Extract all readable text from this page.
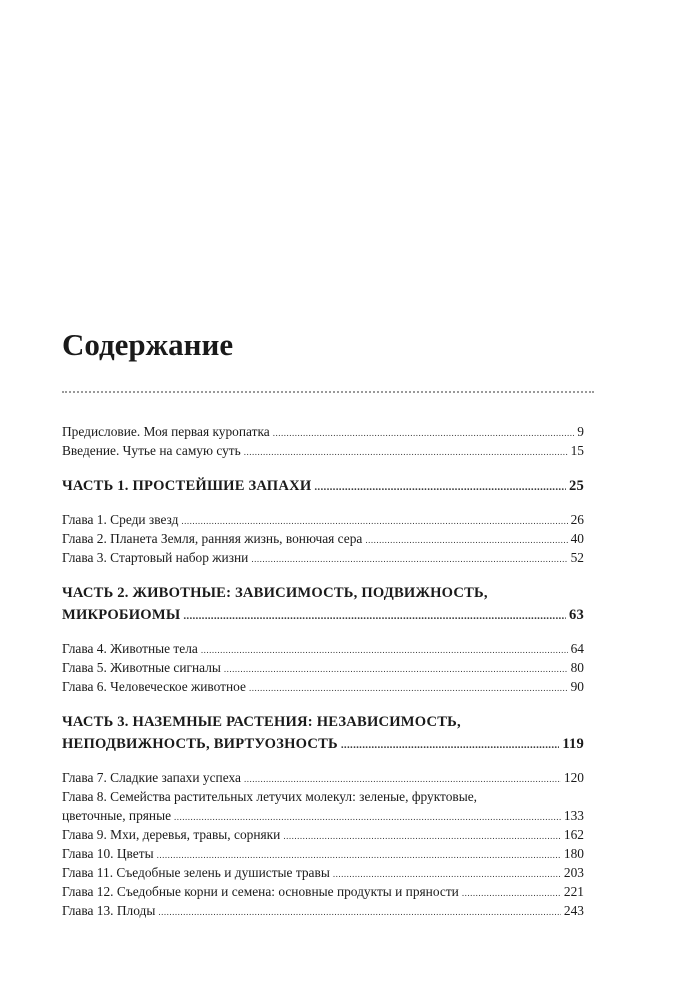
Содержание
Предисловие. Моя первая куропатка .....	9
Введение. Чутье на самую суть .....	15
ЧАСТЬ 1. ПРОСТЕЙШИЕ ЗАПАХИ .....	25
Глава 1. Среди звезд .....	26
Глава 2. Планета Земля, ранняя жизнь, вонючая сера .....	40
Глава 3. Стартовый набор жизни .....	52
ЧАСТЬ 2. ЖИВОТНЫЕ: ЗАВИСИМОСТЬ, ПОДВИЖНОСТЬ,
МИКРОБИОМЫ .....	63
Глава 4. Животные тела .....	64
Глава 5. Животные сигналы .....	80
Глава 6. Человеческое животное .....	90
ЧАСТЬ 3. НАЗЕМНЫЕ РАСТЕНИЯ: НЕЗАВИСИМОСТЬ,
НЕПОДВИЖНОСТЬ, ВИРТУОЗНОСТЬ .....	119
Глава 7. Сладкие запахи успеха .....	120
Глава 8. Семейства растительных летучих молекул: зеленые, фруктовые,
цветочные, пряные .....	133
Глава 9. Мхи, деревья, травы, сорняки .....	162
Глава 10. Цветы .....	180
Глава 11. Съедобные зелень и душистые травы .....	203
Глава 12. Съедобные корни и семена: основные продукты и пряности .....	221
Глава 13. Плоды .....	243
